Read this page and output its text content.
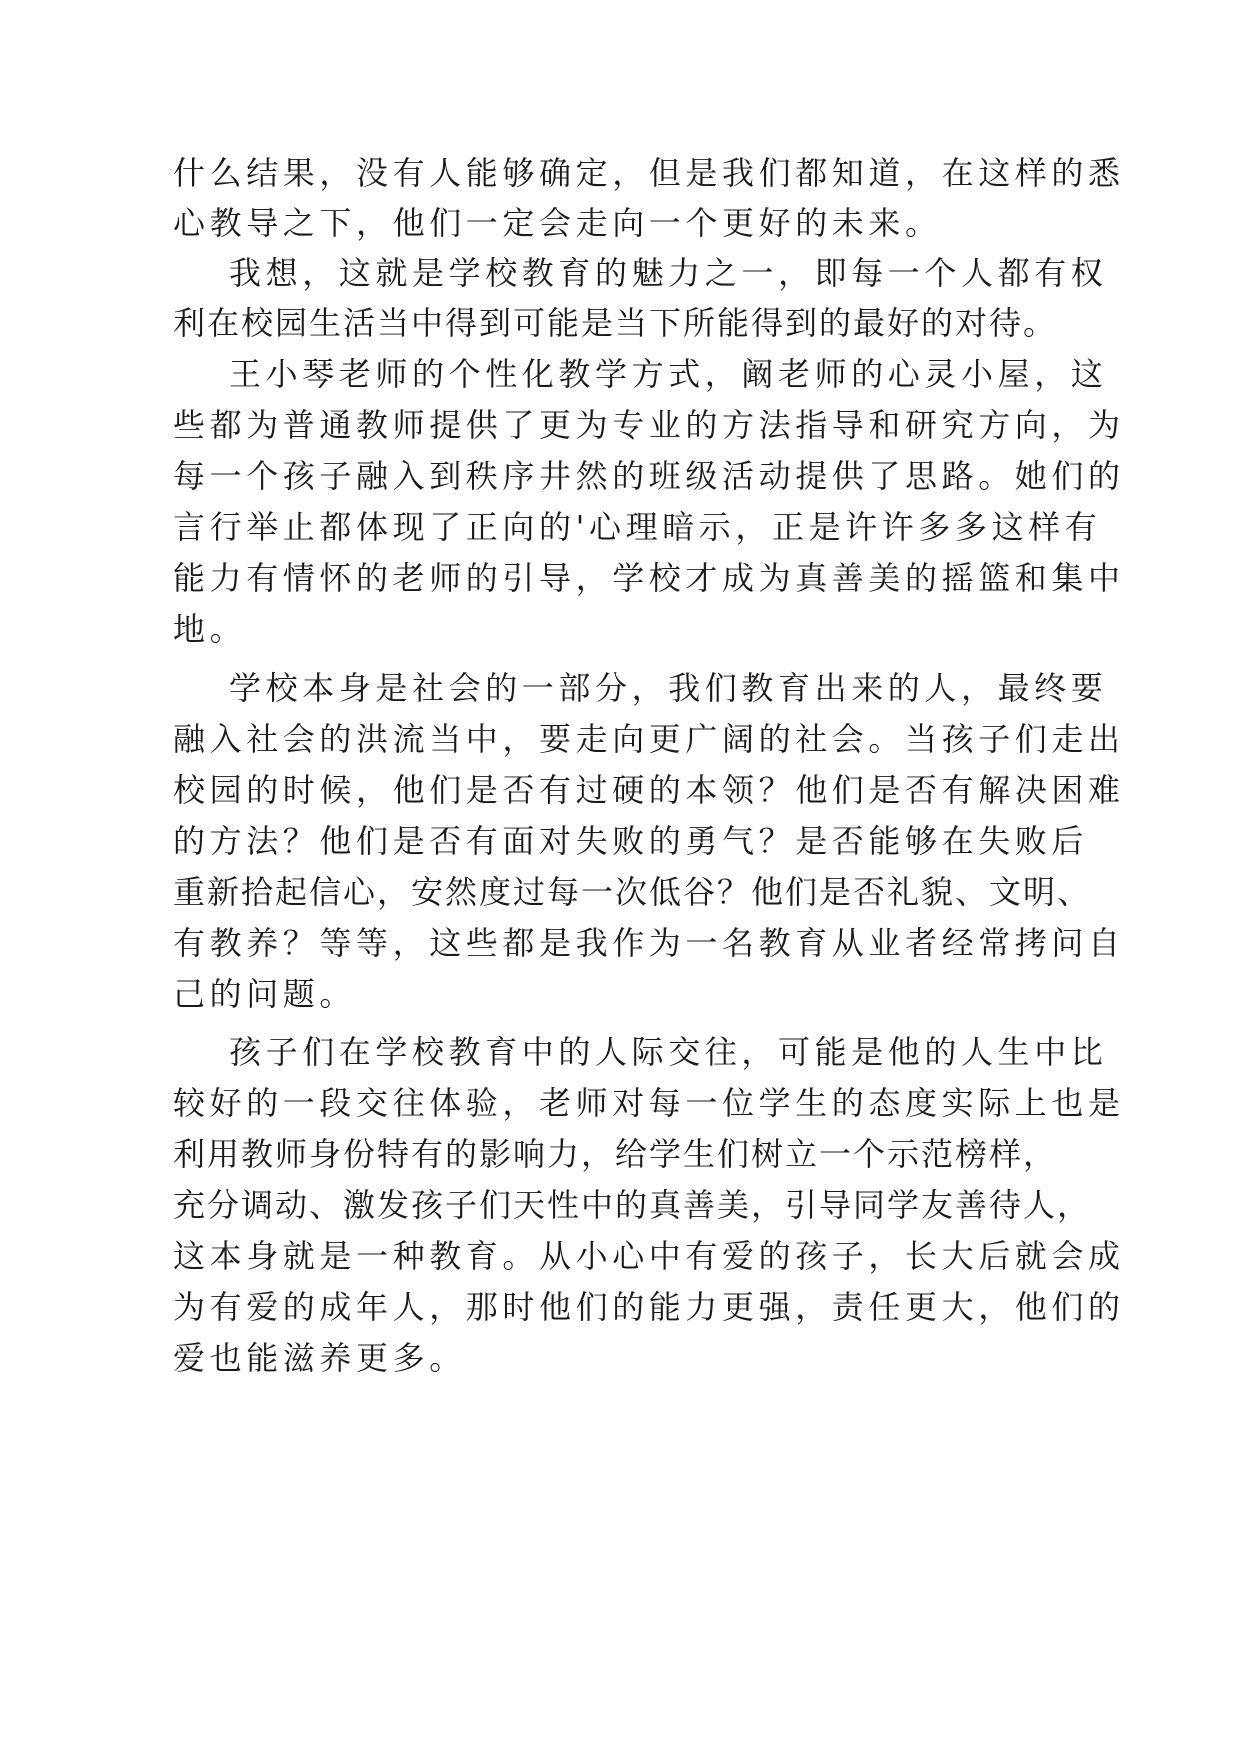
什么结果，没有人能够确定，但是我们都知道，在这样的悉
心教导之下，他们一定会走向一个更好的未来。
我想，这就是学校教育的魅力之一，即每一个人都有权
利在校园生活当中得到可能是当下所能得到的最好的对待。
王小琴老师的个性化教学方式，阚老师的心灵小屋，这
些都为普通教师提供了更为专业的方法指导和研究方向，为
每一个孩子融入到秩序井然的班级活动提供了思路。她们的
言行举止都体现了正向的'心理暗示，正是许许多多这样有
能力有情怀的老师的引导，学校才成为真善美的摇篮和集中
地。
学校本身是社会的一部分，我们教育出来的人，最终要
融入社会的洪流当中，要走向更广阔的社会。当孩子们走出
校园的时候，他们是否有过硬的本领？他们是否有解决困难
的方法？他们是否有面对失败的勇气？是否能够在失败后
重新拾起信心，安然度过每一次低谷？他们是否礼貌、文明、
有教养？等等，这些都是我作为一名教育从业者经常拷问自
己的问题。
孩子们在学校教育中的人际交往，可能是他的人生中比
较好的一段交往体验，老师对每一位学生的态度实际上也是
利用教师身份特有的影响力，给学生们树立一个示范榜样，
充分调动、激发孩子们天性中的真善美，引导同学友善待人，
这本身就是一种教育。从小心中有爱的孩子，长大后就会成
为有爱的成年人，那时他们的能力更强，责任更大，他们的
爱也能滋养更多。
